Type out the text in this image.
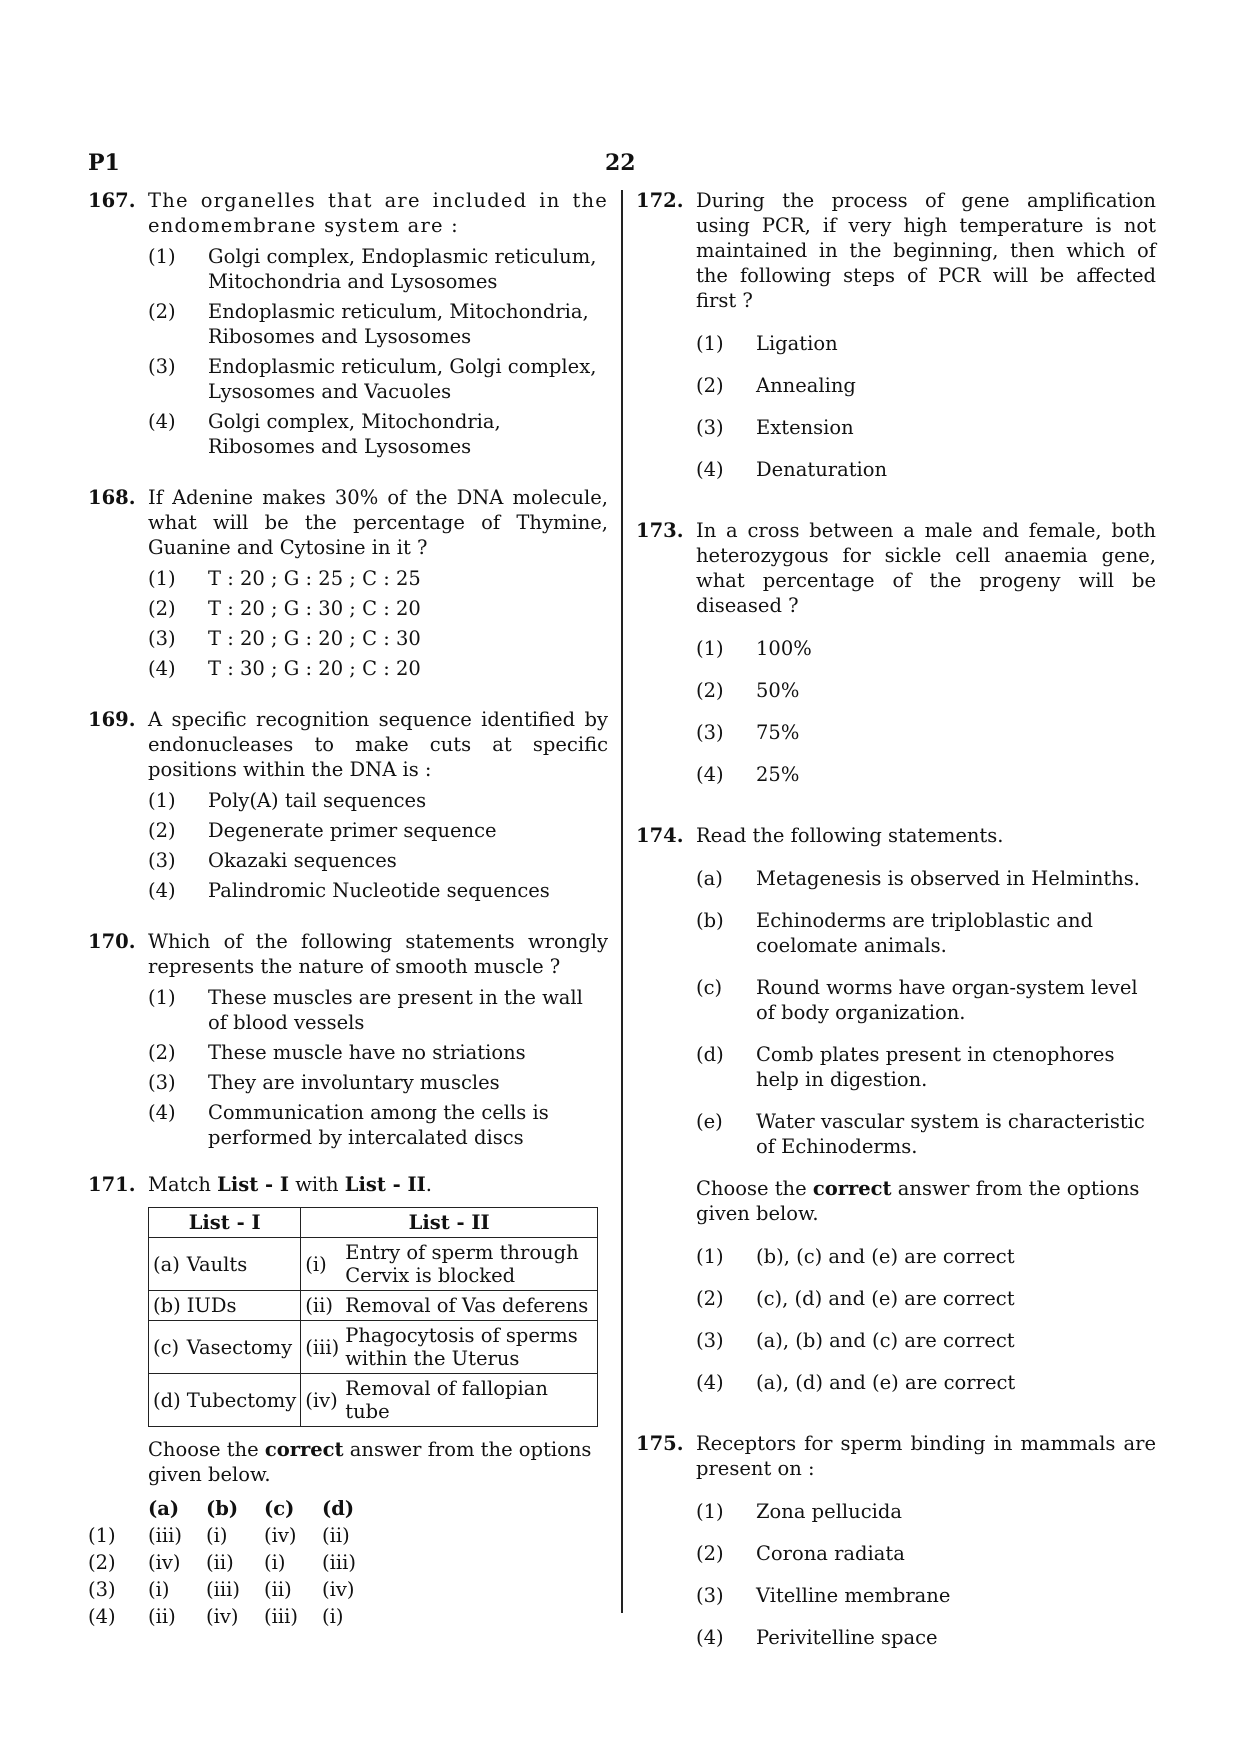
P1	22
167. The organelles that are included in the endomembrane system are :
(1) Golgi complex, Endoplasmic reticulum, Mitochondria and Lysosomes
(2) Endoplasmic reticulum, Mitochondria, Ribosomes and Lysosomes
(3) Endoplasmic reticulum, Golgi complex, Lysosomes and Vacuoles
(4) Golgi complex, Mitochondria, Ribosomes and Lysosomes
168. If Adenine makes 30% of the DNA molecule, what will be the percentage of Thymine, Guanine and Cytosine in it ?
(1) T : 20 ; G : 25 ; C : 25
(2) T : 20 ; G : 30 ; C : 20
(3) T : 20 ; G : 20 ; C : 30
(4) T : 30 ; G : 20 ; C : 20
169. A specific recognition sequence identified by endonucleases to make cuts at specific positions within the DNA is :
(1) Poly(A) tail sequences
(2) Degenerate primer sequence
(3) Okazaki sequences
(4) Palindromic Nucleotide sequences
170. Which of the following statements wrongly represents the nature of smooth muscle ?
(1) These muscles are present in the wall of blood vessels
(2) These muscle have no striations
(3) They are involuntary muscles
(4) Communication among the cells is performed by intercalated discs
171. Match List - I with List - II.
List - I		List - II	
(a)	Vaults	(i)	Entry of sperm through Cervix is blocked
(b)	IUDs	(ii)	Removal of Vas deferens
(c)	Vasectomy	(iii)	Phagocytosis of sperms within the Uterus
(d)	Tubectomy	(iv)	Removal of fallopian tube
Choose the correct answer from the options given below.
	(a)	(b)	(c)	(d)
(1)	(iii)	(i)	(iv)	(ii)
(2)	(iv)	(ii)	(i)	(iii)
(3)	(i)	(iii)	(ii)	(iv)
(4)	(ii)	(iv)	(iii)	(i)
172. During the process of gene amplification using PCR, if very high temperature is not maintained in the beginning, then which of the following steps of PCR will be affected first ?
(1) Ligation
(2) Annealing
(3) Extension
(4) Denaturation
173. In a cross between a male and female, both heterozygous for sickle cell anaemia gene, what percentage of the progeny will be diseased ?
(1) 100%
(2) 50%
(3) 75%
(4) 25%
174. Read the following statements.
(a) Metagenesis is observed in Helminths.
(b) Echinoderms are triploblastic and coelomate animals.
(c) Round worms have organ-system level of body organization.
(d) Comb plates present in ctenophores help in digestion.
(e) Water vascular system is characteristic of Echinoderms.
Choose the correct answer from the options given below.
(1) (b), (c) and (e) are correct
(2) (c), (d) and (e) are correct
(3) (a), (b) and (c) are correct
(4) (a), (d) and (e) are correct
175. Receptors for sperm binding in mammals are present on :
(1) Zona pellucida
(2) Corona radiata
(3) Vitelline membrane
(4) Perivitelline space
